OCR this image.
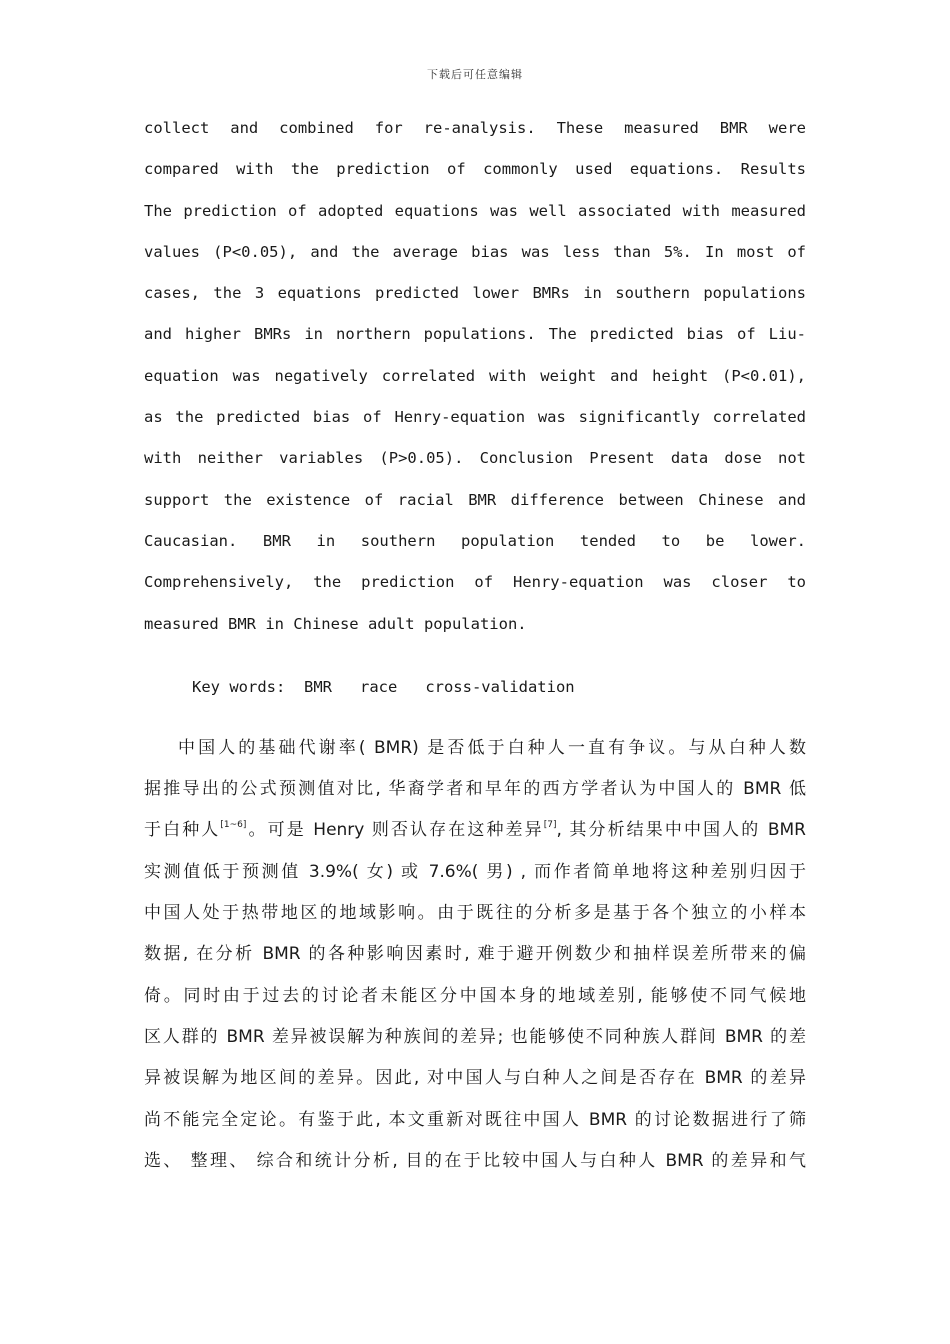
下载后可任意编辑
collect and combined for re-analysis. These measured BMR were
compared with the prediction of commonly used equations. Results
The prediction of adopted equations was well associated with measured
values (P<0.05), and the average bias was less than 5%. In most of
cases, the 3 equations predicted lower BMRs in southern populations
and higher BMRs in northern populations. The predicted bias of Liu-
equation was negatively correlated with weight and height (P<0.01),
as the predicted bias of Henry-equation was significantly correlated
with neither variables (P>0.05). Conclusion Present data dose not
support the existence of racial BMR difference between Chinese and
Caucasian. BMR in southern population tended to be lower.
Comprehensively, the prediction of Henry-equation was closer to
measured BMR in Chinese adult population.
Key words: BMR   race   cross-validation
中国人的基础代谢率( BMR) 是否低于白种人一直有争议。与从白种人数
据推导出的公式预测值对比, 华裔学者和早年的西方学者认为中国人的 BMR 低
于白种人[1~6]。可是 Henry 则否认存在这种差异[7], 其分析结果中中国人的 BMR
实测值低于预测值 3.9%( 女) 或 7.6%( 男) , 而作者简单地将这种差别归因于
中国人处于热带地区的地域影响。由于既往的分析多是基于各个独立的小样本
数据, 在分析 BMR 的各种影响因素时, 难于避开例数少和抽样误差所带来的偏
倚。同时由于过去的讨论者未能区分中国本身的地域差别, 能够使不同气候地
区人群的 BMR 差异被误解为种族间的差异; 也能够使不同种族人群间 BMR 的差
异被误解为地区间的差异。因此, 对中国人与白种人之间是否存在 BMR 的差异
尚不能完全定论。有鉴于此, 本文重新对既往中国人 BMR 的讨论数据进行了筛
选、 整理、 综合和统计分析, 目的在于比较中国人与白种人 BMR 的差异和气
